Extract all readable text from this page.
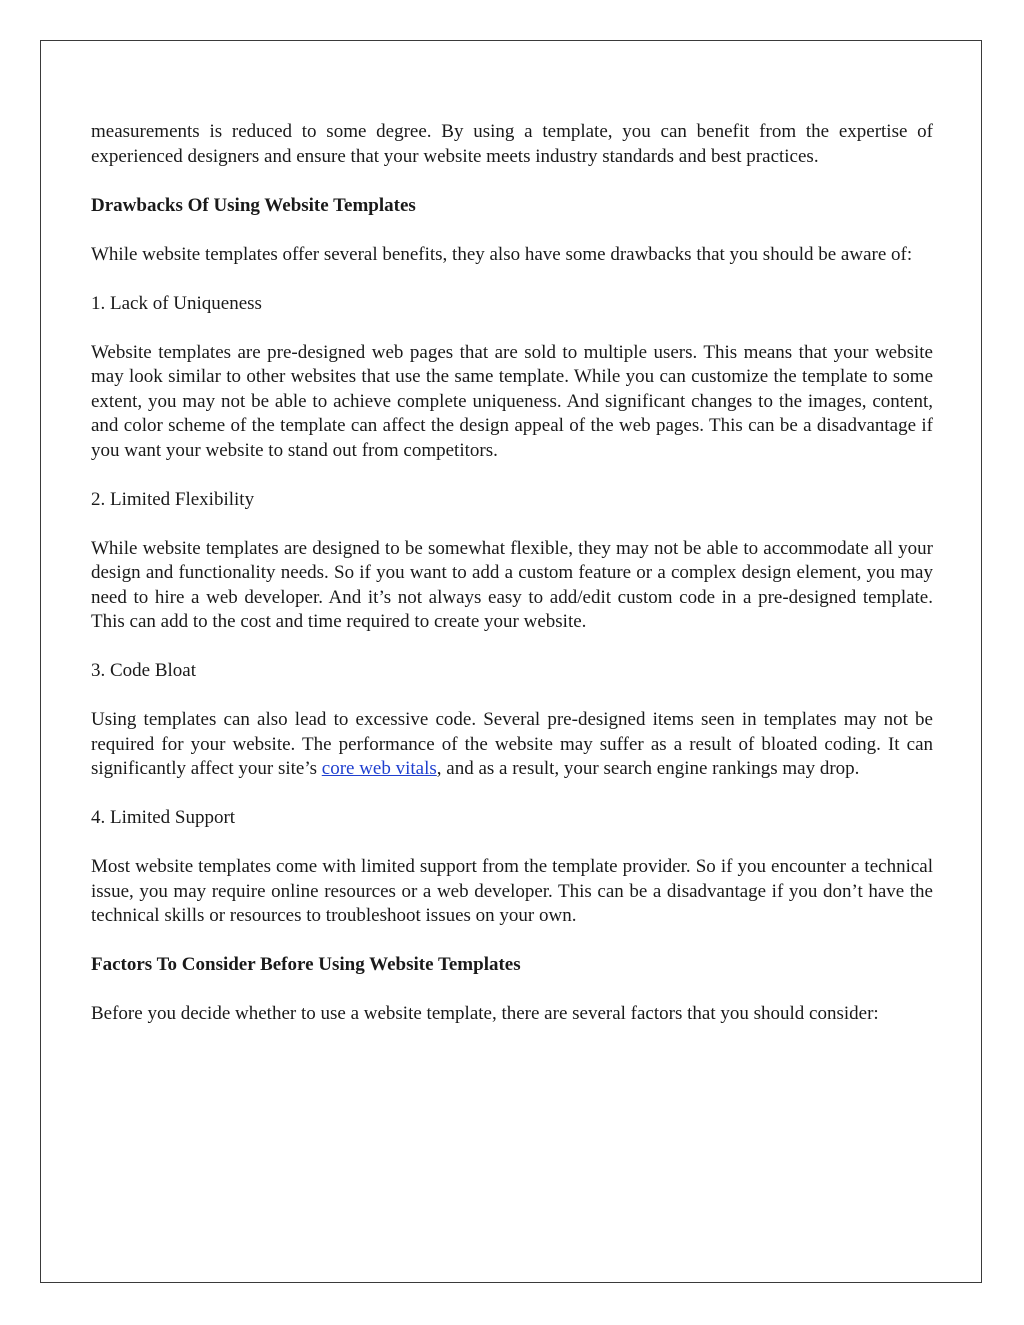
measurements is reduced to some degree. By using a template, you can benefit from the expertise of experienced designers and ensure that your website meets industry standards and best practices.

Drawbacks Of Using Website Templates

While website templates offer several benefits, they also have some drawbacks that you should be aware of:

1. Lack of Uniqueness

Website templates are pre-designed web pages that are sold to multiple users. This means that your website may look similar to other websites that use the same template. While you can customize the template to some extent, you may not be able to achieve complete uniqueness. And significant changes to the images, content, and color scheme of the template can affect the design appeal of the web pages. This can be a disadvantage if you want your website to stand out from competitors.

2. Limited Flexibility

While website templates are designed to be somewhat flexible, they may not be able to accommodate all your design and functionality needs. So if you want to add a custom feature or a complex design element, you may need to hire a web developer. And it’s not always easy to add/edit custom code in a pre-designed template. This can add to the cost and time required to create your website.

3. Code Bloat

Using templates can also lead to excessive code. Several pre-designed items seen in templates may not be required for your website. The performance of the website may suffer as a result of bloated coding. It can significantly affect your site’s core web vitals, and as a result, your search engine rankings may drop.

4. Limited Support

Most website templates come with limited support from the template provider. So if you encounter a technical issue, you may require online resources or a web developer. This can be a disadvantage if you don’t have the technical skills or resources to troubleshoot issues on your own.

Factors To Consider Before Using Website Templates

Before you decide whether to use a website template, there are several factors that you should consider:
